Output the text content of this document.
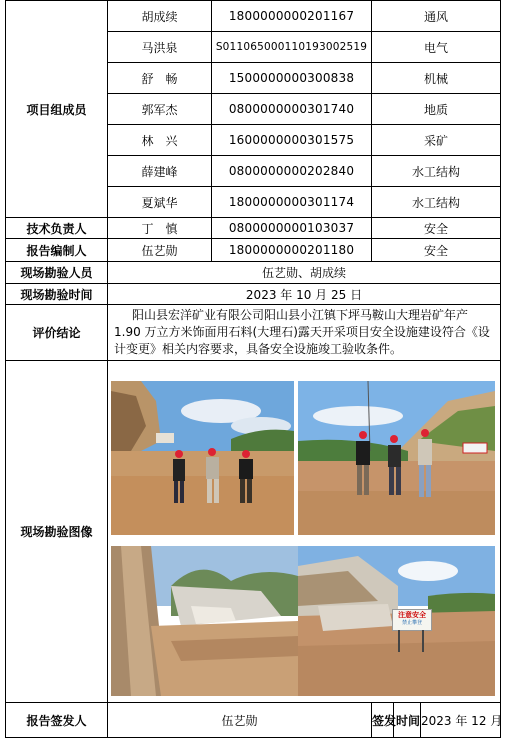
项目组成员	胡成续	1800000000201167	通风	
	马洪泉	S01106500011019300251​9	电气	
	舒　畅	1500000000300838	机械	
	郭军杰	0800000000301740	地质	
	林　兴	1600000000301575	采矿	
	薛建峰	0800000000202840	水工结构	
	夏斌华	1800000000301174	水工结构	
技术负责人	丁　慎	0800000000103037	安全	
报告编制人	伍艺勋	1800000000201180	安全	
现场勘验人员	伍艺勋、胡成续			
现场勘验时间	2023 年 10 月 25 日			
评价结论	阳山县宏洋矿业有限公司阳山县小江镇下坪马鞍山大理岩矿年产 1.90 万立方米饰面用石料(大理石)露天开采项目安全设施建设符合《设计变更》相关内容要求，具备安全设施竣工验收条件。			
现场勘验图像	注意安全
禁止攀登			

报告签发人	伍艺勋			签发时间 2023 年 12 月
